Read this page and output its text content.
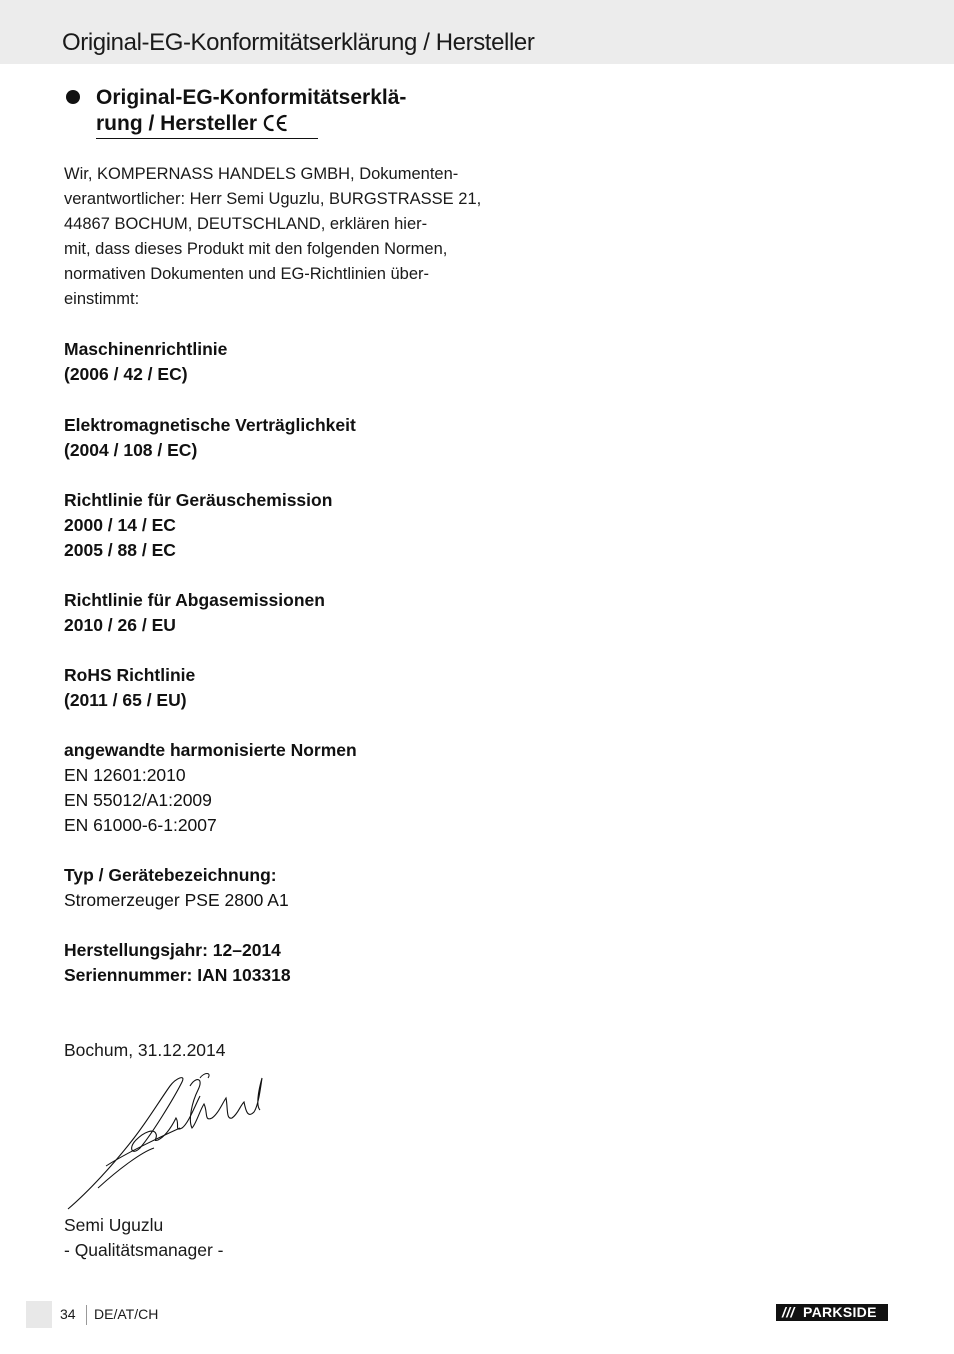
Original-EG-Konformitätserklärung / Hersteller
Original-EG-Konformitätserklä-
rung / Hersteller
Wir, KOMPERNASS HANDELS GMBH, Dokumenten-
verantwortlicher: Herr Semi Uguzlu, BURGSTRASSE 21,
44867 BOCHUM, DEUTSCHLAND, erklären hier-
mit, dass dieses Produkt mit den folgenden Normen,
normativen Dokumenten und EG-Richtlinien über-
einstimmt:
Maschinenrichtlinie
(2006 / 42 / EC)
Elektromagnetische Verträglichkeit
(2004 / 108 / EC)
Richtlinie für Geräuschemission
2000 / 14 / EC
2005 / 88 / EC
Richtlinie für Abgasemissionen
2010 / 26 / EU
RoHS Richtlinie
(2011 / 65 / EU)
angewandte harmonisierte Normen
EN 12601:2010
EN 55012/A1:2009
EN 61000-6-1:2007
Typ / Gerätebezeichnung:
Stromerzeuger PSE 2800 A1
Herstellungsjahr: 12–2014
Seriennummer: IAN 103318
Bochum, 31.12.2014
Semi Uguzlu
- Qualitätsmanager -
34 DE/AT/CH	/// PARKSIDE
